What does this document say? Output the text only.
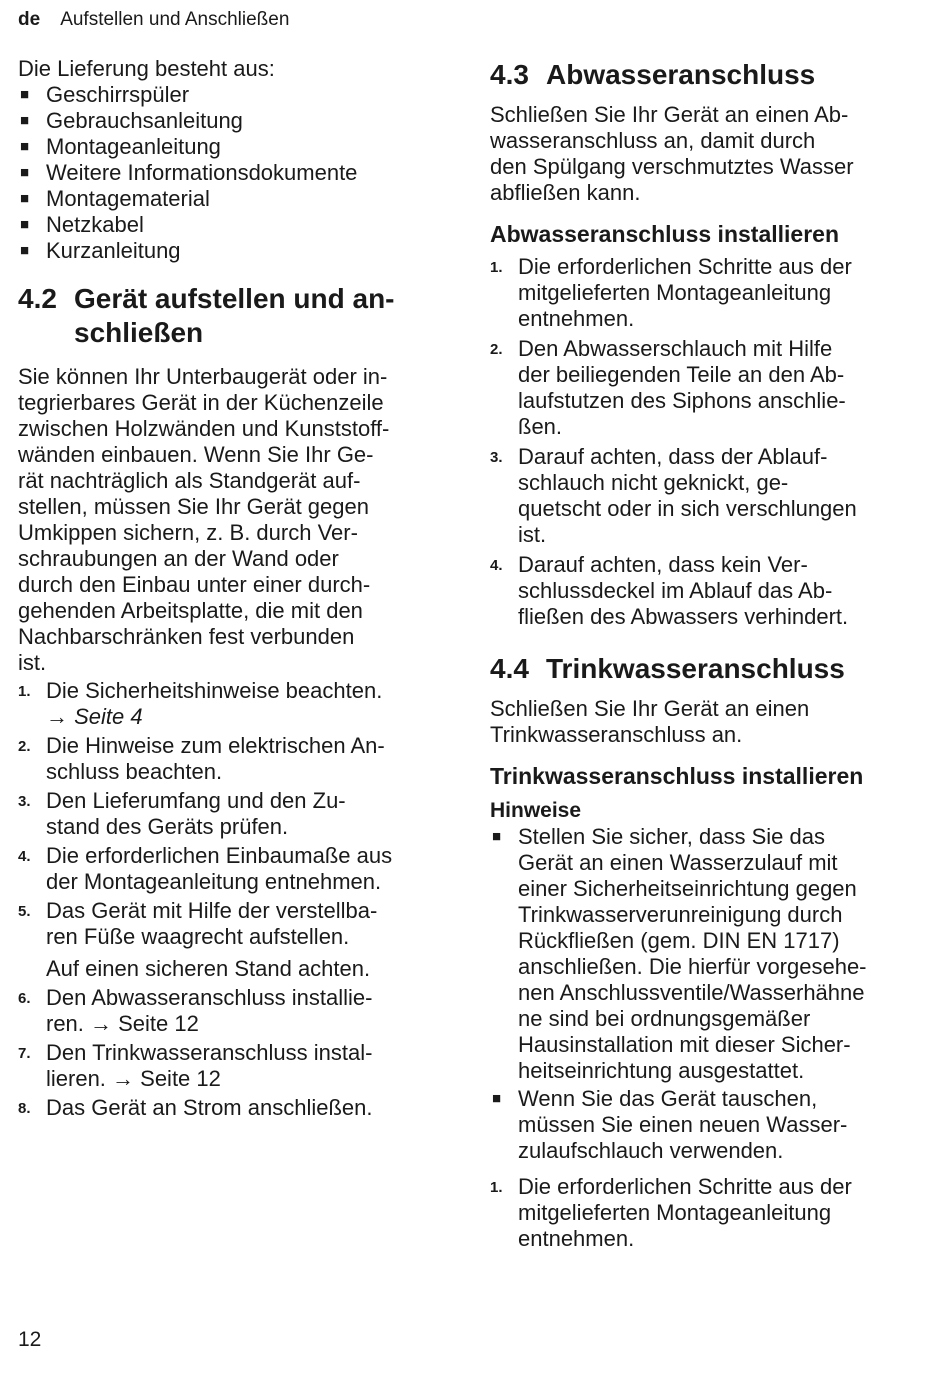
de Aufstellen und Anschließen
Die Lieferung besteht aus:
■ Geschirrspüler
■ Gebrauchsanleitung
■ Montageanleitung
■ Weitere Informationsdokumente
■ Montagematerial
■ Netzkabel
■ Kurzanleitung
4.2 Gerät aufstellen und an-
schließen
Sie können Ihr Unterbaugerät oder in-
tegrierbares Gerät in der Küchenzeile
zwischen Holzwänden und Kunststoff-
wänden einbauen. Wenn Sie Ihr Ge-
rät nachträglich als Standgerät auf-
stellen, müssen Sie Ihr Gerät gegen
Umkippen sichern, z. B. durch Ver-
schraubungen an der Wand oder
durch den Einbau unter einer durch-
gehenden Arbeitsplatte, die mit den
Nachbarschränken fest verbunden
ist.
1. Die Sicherheitshinweise beachten.
→ Seite 4
2. Die Hinweise zum elektrischen An-
schluss beachten.
3. Den Lieferumfang und den Zu-
stand des Geräts prüfen.
4. Die erforderlichen Einbaumaße aus
der Montageanleitung entnehmen.
5. Das Gerät mit Hilfe der verstellba-
ren Füße waagrecht aufstellen.
Auf einen sicheren Stand achten.
6. Den Abwasseranschluss installie-
ren. → Seite 12
7. Den Trinkwasseranschluss instal-
lieren. → Seite 12
8. Das Gerät an Strom anschließen.
4.3 Abwasseranschluss
Schließen Sie Ihr Gerät an einen Ab-
wasseranschluss an, damit durch
den Spülgang verschmutztes Wasser
abfließen kann.
Abwasseranschluss installieren
1. Die erforderlichen Schritte aus der
mitgelieferten Montageanleitung
entnehmen.
2. Den Abwasserschlauch mit Hilfe
der beiliegenden Teile an den Ab-
laufstutzen des Siphons anschlie-
ßen.
3. Darauf achten, dass der Ablauf-
schlauch nicht geknickt, ge-
quetscht oder in sich verschlungen
ist.
4. Darauf achten, dass kein Ver-
schlussdeckel im Ablauf das Ab-
fließen des Abwassers verhindert.
4.4 Trinkwasseranschluss
Schließen Sie Ihr Gerät an einen
Trinkwasseranschluss an.
Trinkwasseranschluss installieren
Hinweise
■ Stellen Sie sicher, dass Sie das
Gerät an einen Wasserzulauf mit
einer Sicherheitseinrichtung gegen
Trinkwasserverunreinigung durch
Rückfließen (gem. DIN EN 1717)
anschließen. Die hierfür vorgesehe-
nen Anschlussventile/Wasserhähne
ne sind bei ordnungsgemäßer
Hausinstallation mit dieser Sicher-
heitseinrichtung ausgestattet.
■ Wenn Sie das Gerät tauschen,
müssen Sie einen neuen Wasser-
zulaufschlauch verwenden.
1. Die erforderlichen Schritte aus der
mitgelieferten Montageanleitung
entnehmen.
12
